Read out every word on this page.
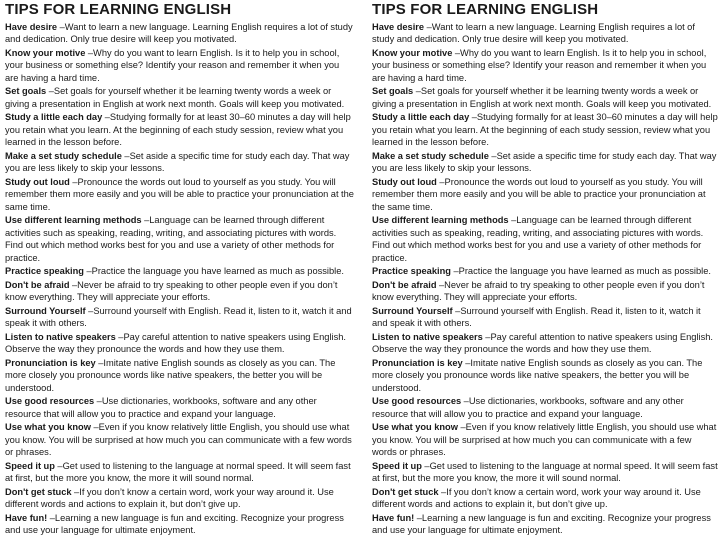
TIPS FOR LEARNING ENGLISH

Have desire –Want to learn a new language. Learning English requires a lot of study and dedication. Only true desire will keep you motivated.

Know your motive –Why do you want to learn English. Is it to help you in school, your business or something else? Identify your reason and remember it when you are having a hard time.

Set goals –Set goals for yourself whether it be learning twenty words a week or giving a presentation in English at work next month. Goals will keep you motivated.

Study a little each day –Studying formally for at least 30–60 minutes a day will help you retain what you learn. At the beginning of each study session, review what you learned in the lesson before.

Make a set study schedule –Set aside a specific time for study each day. That way you are less likely to skip your lessons.

Study out loud –Pronounce the words out loud to yourself as you study. You will remember them more easily and you will be able to practice your pronunciation at the same time.

Use different learning methods –Language can be learned through different activities such as speaking, reading, writing, and associating pictures with words. Find out which method works best for you and use a variety of other methods for practice.

Practice speaking –Practice the language you have learned as much as possible.

Don't be afraid –Never be afraid to try speaking to other people even if you don’t know everything. They will appreciate your efforts.

Surround Yourself –Surround yourself with English. Read it, listen to it, watch it and speak it with others.

Listen to native speakers –Pay careful attention to native speakers using English. Observe the way they pronounce the words and how they use them.

Pronunciation is key –Imitate native English sounds as closely as you can. The more closely you pronounce words like native speakers, the better you will be understood.

Use good resources –Use dictionaries, workbooks, software and any other resource that will allow you to practice and expand your language.

Use what you know –Even if you know relatively little English, you should use what you know. You will be surprised at how much you can communicate with a few words or phrases.

Speed it up –Get used to listening to the language at normal speed. It will seem fast at first, but the more you know, the more it will sound normal.

Don't get stuck –If you don’t know a certain word, work your way around it. Use different words and actions to explain it, but don’t give up.

Have fun! –Learning a new language is fun and exciting. Recognize your progress and use your language for ultimate enjoyment.

TIPS FOR LEARNING ENGLISH

Have desire –Want to learn a new language. Learning English requires a lot of study and dedication. Only true desire will keep you motivated.

Know your motive –Why do you want to learn English. Is it to help you in school, your business or something else? Identify your reason and remember it when you are having a hard time.

Set goals –Set goals for yourself whether it be learning twenty words a week or giving a presentation in English at work next month. Goals will keep you motivated.

Study a little each day –Studying formally for at least 30–60 minutes a day will help you retain what you learn. At the beginning of each study session, review what you learned in the lesson before.

Make a set study schedule –Set aside a specific time for study each day. That way you are less likely to skip your lessons.

Study out loud –Pronounce the words out loud to yourself as you study. You will remember them more easily and you will be able to practice your pronunciation at the same time.

Use different learning methods –Language can be learned through different activities such as speaking, reading, writing, and associating pictures with words. Find out which method works best for you and use a variety of other methods for practice.

Practice speaking –Practice the language you have learned as much as possible.

Don't be afraid –Never be afraid to try speaking to other people even if you don’t know everything. They will appreciate your efforts.

Surround Yourself –Surround yourself with English. Read it, listen to it, watch it and speak it with others.

Listen to native speakers –Pay careful attention to native speakers using English. Observe the way they pronounce the words and how they use them.

Pronunciation is key –Imitate native English sounds as closely as you can. The more closely you pronounce words like native speakers, the better you will be understood.

Use good resources –Use dictionaries, workbooks, software and any other resource that will allow you to practice and expand your language.

Use what you know –Even if you know relatively little English, you should use what you know. You will be surprised at how much you can communicate with a few words or phrases.

Speed it up –Get used to listening to the language at normal speed. It will seem fast at first, but the more you know, the more it will sound normal.

Don't get stuck –If you don’t know a certain word, work your way around it. Use different words and actions to explain it, but don’t give up.

Have fun! –Learning a new language is fun and exciting. Recognize your progress and use your language for ultimate enjoyment.
